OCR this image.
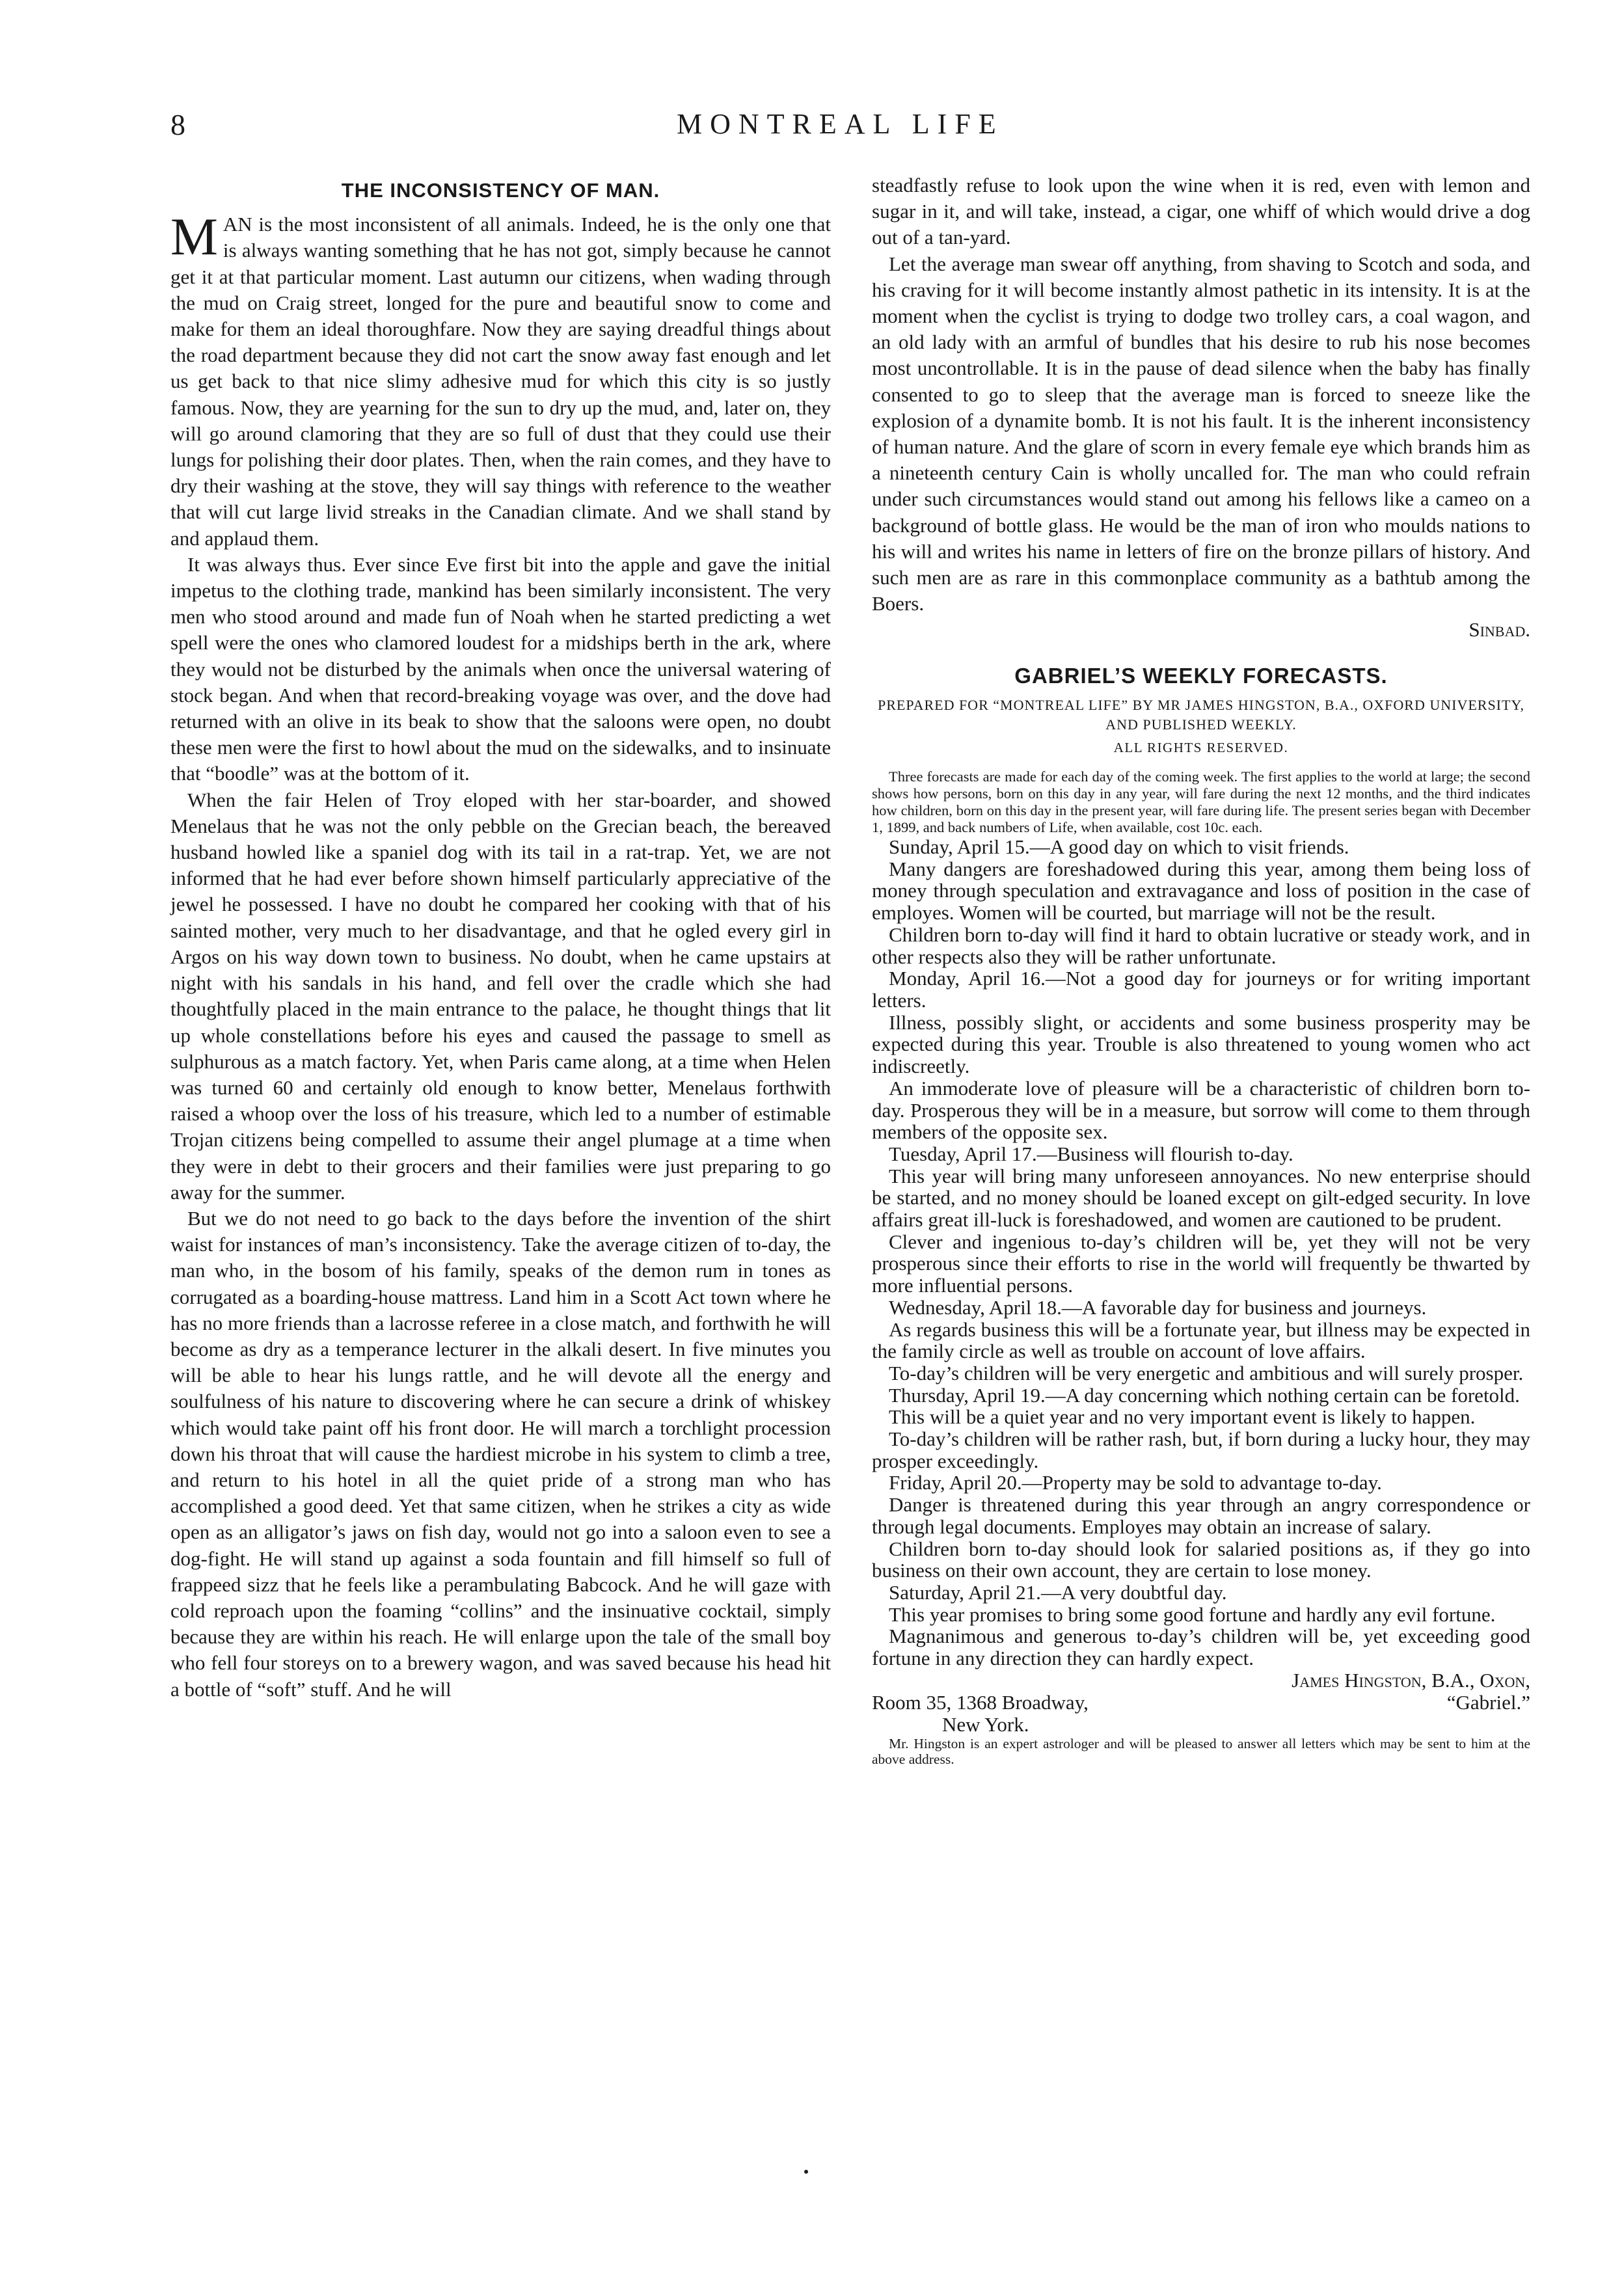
8	MONTREAL LIFE
THE INCONSISTENCY OF MAN.

MAN is the most inconsistent of all animals. Indeed, he is the only one that is always wanting something that he has not got, simply because he cannot get it at that particular moment. Last autumn our citizens, when wading through the mud on Craig street, longed for the pure and beautiful snow to come and make for them an ideal thoroughfare. Now they are saying dreadful things about the road department because they did not cart the snow away fast enough and let us get back to that nice slimy adhesive mud for which this city is so justly famous. Now, they are yearning for the sun to dry up the mud, and, later on, they will go around clamoring that they are so full of dust that they could use their lungs for polishing their door plates. Then, when the rain comes, and they have to dry their washing at the stove, they will say things with reference to the weather that will cut large livid streaks in the Canadian climate. And we shall stand by and applaud them.

It was always thus. Ever since Eve first bit into the apple and gave the initial impetus to the clothing trade, mankind has been similarly inconsistent. The very men who stood around and made fun of Noah when he started predicting a wet spell were the ones who clamored loudest for a midships berth in the ark, where they would not be disturbed by the animals when once the universal watering of stock began. And when that record-breaking voyage was over, and the dove had returned with an olive in its beak to show that the saloons were open, no doubt these men were the first to howl about the mud on the sidewalks, and to insinuate that “boodle” was at the bottom of it.

When the fair Helen of Troy eloped with her star-boarder, and showed Menelaus that he was not the only pebble on the Grecian beach, the bereaved husband howled like a spaniel dog with its tail in a rat-trap. Yet, we are not informed that he had ever before shown himself particularly appreciative of the jewel he possessed. I have no doubt he compared her cooking with that of his sainted mother, very much to her disadvantage, and that he ogled every girl in Argos on his way down town to business. No doubt, when he came upstairs at night with his sandals in his hand, and fell over the cradle which she had thoughtfully placed in the main entrance to the palace, he thought things that lit up whole constellations before his eyes and caused the passage to smell as sulphurous as a match factory. Yet, when Paris came along, at a time when Helen was turned 60 and certainly old enough to know better, Menelaus forthwith raised a whoop over the loss of his treasure, which led to a number of estimable Trojan citizens being compelled to assume their angel plumage at a time when they were in debt to their grocers and their families were just preparing to go away for the summer.

But we do not need to go back to the days before the invention of the shirt waist for instances of man’s inconsistency. Take the average citizen of to-day, the man who, in the bosom of his family, speaks of the demon rum in tones as corrugated as a boarding-house mattress. Land him in a Scott Act town where he has no more friends than a lacrosse referee in a close match, and forthwith he will become as dry as a temperance lecturer in the alkali desert. In five minutes you will be able to hear his lungs rattle, and he will devote all the energy and soulfulness of his nature to discovering where he can secure a drink of whiskey which would take paint off his front door. He will march a torchlight procession down his throat that will cause the hardiest microbe in his system to climb a tree, and return to his hotel in all the quiet pride of a strong man who has accomplished a good deed. Yet that same citizen, when he strikes a city as wide open as an alligator’s jaws on fish day, would not go into a saloon even to see a dog-fight. He will stand up against a soda fountain and fill himself so full of frappeed sizz that he feels like a perambulating Babcock. And he will gaze with cold reproach upon the foaming “collins” and the insinuative cocktail, simply because they are within his reach. He will enlarge upon the tale of the small boy who fell four storeys on to a brewery wagon, and was saved because his head hit a bottle of “soft” stuff. And he will

steadfastly refuse to look upon the wine when it is red, even with lemon and sugar in it, and will take, instead, a cigar, one whiff of which would drive a dog out of a tan-yard.

Let the average man swear off anything, from shaving to Scotch and soda, and his craving for it will become instantly almost pathetic in its intensity. It is at the moment when the cyclist is trying to dodge two trolley cars, a coal wagon, and an old lady with an armful of bundles that his desire to rub his nose becomes most uncontrollable. It is in the pause of dead silence when the baby has finally consented to go to sleep that the average man is forced to sneeze like the explosion of a dynamite bomb. It is not his fault. It is the inherent inconsistency of human nature. And the glare of scorn in every female eye which brands him as a nineteenth century Cain is wholly uncalled for. The man who could refrain under such circumstances would stand out among his fellows like a cameo on a background of bottle glass. He would be the man of iron who moulds nations to his will and writes his name in letters of fire on the bronze pillars of history. And such men are as rare in this commonplace community as a bathtub among the Boers.

Sinbad.

GABRIEL’S WEEKLY FORECASTS.
PREPARED FOR “MONTREAL LIFE” BY MR JAMES HINGSTON, B.A., OXFORD UNIVERSITY, AND PUBLISHED WEEKLY.
ALL RIGHTS RESERVED.

Three forecasts are made for each day of the coming week. The first applies to the world at large; the second shows how persons, born on this day in any year, will fare during the next 12 months, and the third indicates how children, born on this day in the present year, will fare during life. The present series began with December 1, 1899, and back numbers of Life, when available, cost 10c. each.

Sunday, April 15.—A good day on which to visit friends.

Many dangers are foreshadowed during this year, among them being loss of money through speculation and extravagance and loss of position in the case of employes. Women will be courted, but marriage will not be the result.

Children born to-day will find it hard to obtain lucrative or steady work, and in other respects also they will be rather unfortunate.

Monday, April 16.—Not a good day for journeys or for writing important letters.

Illness, possibly slight, or accidents and some business prosperity may be expected during this year. Trouble is also threatened to young women who act indiscreetly.

An immoderate love of pleasure will be a characteristic of children born to-day. Prosperous they will be in a measure, but sorrow will come to them through members of the opposite sex.

Tuesday, April 17.—Business will flourish to-day.

This year will bring many unforeseen annoyances. No new enterprise should be started, and no money should be loaned except on gilt-edged security. In love affairs great ill-luck is foreshadowed, and women are cautioned to be prudent.

Clever and ingenious to-day’s children will be, yet they will not be very prosperous since their efforts to rise in the world will frequently be thwarted by more influential persons.

Wednesday, April 18.—A favorable day for business and journeys.

As regards business this will be a fortunate year, but illness may be expected in the family circle as well as trouble on account of love affairs.

To-day’s children will be very energetic and ambitious and will surely prosper.

Thursday, April 19.—A day concerning which nothing certain can be foretold.

This will be a quiet year and no very important event is likely to happen.

To-day’s children will be rather rash, but, if born during a lucky hour, they may prosper exceedingly.

Friday, April 20.—Property may be sold to advantage to-day.

Danger is threatened during this year through an angry correspondence or through legal documents. Employes may obtain an increase of salary.

Children born to-day should look for salaried positions as, if they go into business on their own account, they are certain to lose money.

Saturday, April 21.—A very doubtful day.

This year promises to bring some good fortune and hardly any evil fortune.

Magnanimous and generous to-day’s children will be, yet exceeding good fortune in any direction they can hardly expect.

James Hingston, B.A., Oxon,

Room 35, 1368 Broadway,	“Gabriel.”
New York.

Mr. Hingston is an expert astrologer and will be pleased to answer all letters which may be sent to him at the above address.
